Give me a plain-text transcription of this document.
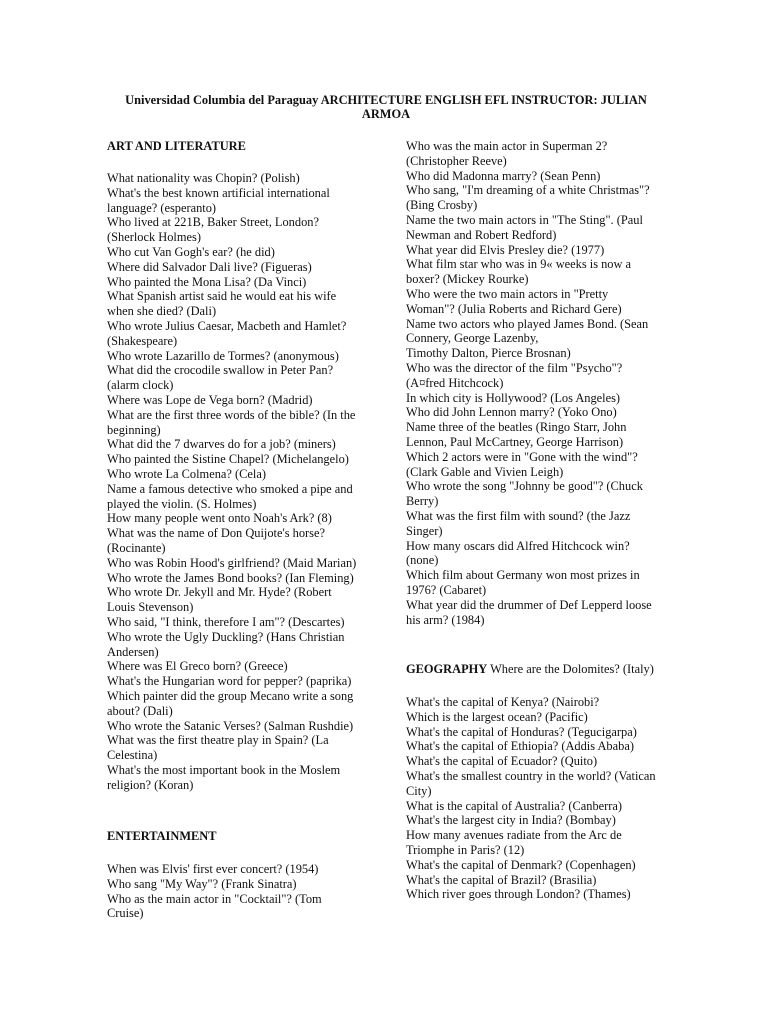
Universidad Columbia del Paraguay ARCHITECTURE ENGLISH EFL INSTRUCTOR: JULIAN
ARMOA
ART AND LITERATURE
What nationality was Chopin? (Polish)
What's the best known artificial international
language? (esperanto)
Who lived at 221B, Baker Street, London?
(Sherlock Holmes)
Who cut Van Gogh's ear? (he did)
Where did Salvador Dali live? (Figueras)
Who painted the Mona Lisa? (Da Vinci)
What Spanish artist said he would eat his wife
when she died? (Dali)
Who wrote Julius Caesar, Macbeth and Hamlet?
(Shakespeare)
Who wrote Lazarillo de Tormes? (anonymous)
What did the crocodile swallow in Peter Pan?
(alarm clock)
Where was Lope de Vega born? (Madrid)
What are the first three words of the bible? (In the
beginning)
What did the 7 dwarves do for a job? (miners)
Who painted the Sistine Chapel? (Michelangelo)
Who wrote La Colmena? (Cela)
Name a famous detective who smoked a pipe and
played the violin. (S. Holmes)
How many people went onto Noah's Ark? (8)
What was the name of Don Quijote's horse?
(Rocinante)
Who was Robin Hood's girlfriend? (Maid Marian)
Who wrote the James Bond books? (Ian Fleming)
Who wrote Dr. Jekyll and Mr. Hyde? (Robert
Louis Stevenson)
Who said, "I think, therefore I am"? (Descartes)
Who wrote the Ugly Duckling? (Hans Christian
Andersen)
Where was El Greco born? (Greece)
What's the Hungarian word for pepper? (paprika)
Which painter did the group Mecano write a song
about? (Dali)
Who wrote the Satanic Verses? (Salman Rushdie)
What was the first theatre play in Spain? (La
Celestina)
What's the most important book in the Moslem
religion? (Koran)
ENTERTAINMENT
When was Elvis' first ever concert? (1954)
Who sang "My Way"? (Frank Sinatra)
Who as the main actor in "Cocktail"? (Tom
Cruise)
Who was the main actor in Superman 2?
(Christopher Reeve)
Who did Madonna marry? (Sean Penn)
Who sang, "I'm dreaming of a white Christmas"?
(Bing Crosby)
Name the two main actors in "The Sting". (Paul
Newman and Robert Redford)
What year did Elvis Presley die? (1977)
What film star who was in 9« weeks is now a
boxer? (Mickey Rourke)
Who were the two main actors in "Pretty
Woman"? (Julia Roberts and Richard Gere)
Name two actors who played James Bond. (Sean
Connery, George Lazenby,
Timothy Dalton, Pierce Brosnan)
Who was the director of the film "Psycho"?
(A¤fred Hitchcock)
In which city is Hollywood? (Los Angeles)
Who did John Lennon marry? (Yoko Ono)
Name three of the beatles (Ringo Starr, John
Lennon, Paul McCartney, George Harrison)
Which 2 actors were in "Gone with the wind"?
(Clark Gable and Vivien Leigh)
Who wrote the song "Johnny be good"? (Chuck
Berry)
What was the first film with sound? (the Jazz
Singer)
How many oscars did Alfred Hitchcock win?
(none)
Which film about Germany won most prizes in
1976? (Cabaret)
What year did the drummer of Def Lepperd loose
his arm? (1984)
GEOGRAPHY Where are the Dolomites? (Italy)
What's the capital of Kenya? (Nairobi?
Which is the largest ocean? (Pacific)
What's the capital of Honduras? (Tegucigarpa)
What's the capital of Ethiopia? (Addis Ababa)
What's the capital of Ecuador? (Quito)
What's the smallest country in the world? (Vatican
City)
What is the capital of Australia? (Canberra)
What's the largest city in India? (Bombay)
How many avenues radiate from the Arc de
Triomphe in Paris? (12)
What's the capital of Denmark? (Copenhagen)
What's the capital of Brazil? (Brasilia)
Which river goes through London? (Thames)
